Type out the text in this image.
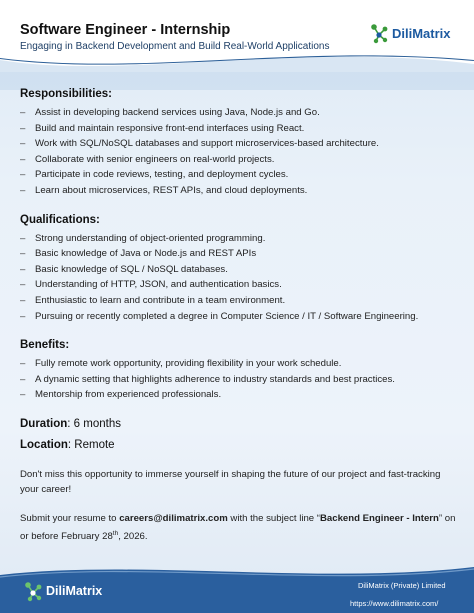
Software Engineer - Internship
Engaging in Backend Development and Build Real-World Applications
DiliMatrix
Responsibilities:
– Assist in developing backend services using Java, Node.js and Go.
– Build and maintain responsive front-end interfaces using React.
– Work with SQL/NoSQL databases and support microservices-based architecture.
– Collaborate with senior engineers on real-world projects.
– Participate in code reviews, testing, and deployment cycles.
– Learn about microservices, REST APIs, and cloud deployments.
Qualifications:
– Strong understanding of object-oriented programming.
– Basic knowledge of Java or Node.js and REST APIs
– Basic knowledge of SQL / NoSQL databases.
– Understanding of HTTP, JSON, and authentication basics.
– Enthusiastic to learn and contribute in a team environment.
– Pursuing or recently completed a degree in Computer Science / IT / Software Engineering.
Benefits:
– Fully remote work opportunity, providing flexibility in your work schedule.
– A dynamic setting that highlights adherence to industry standards and best practices.
– Mentorship from experienced professionals.
Duration: 6 months
Location: Remote

Don't miss this opportunity to immerse yourself in shaping the future of our project and fast-tracking your career!

Submit your resume to careers@dilimatrix.com with the subject line “Backend Engineer - Intern” on or before February 28th, 2026.

DiliMatrix	DiliMatrix (Private) Limited
https://www.dilimatrix.com/
